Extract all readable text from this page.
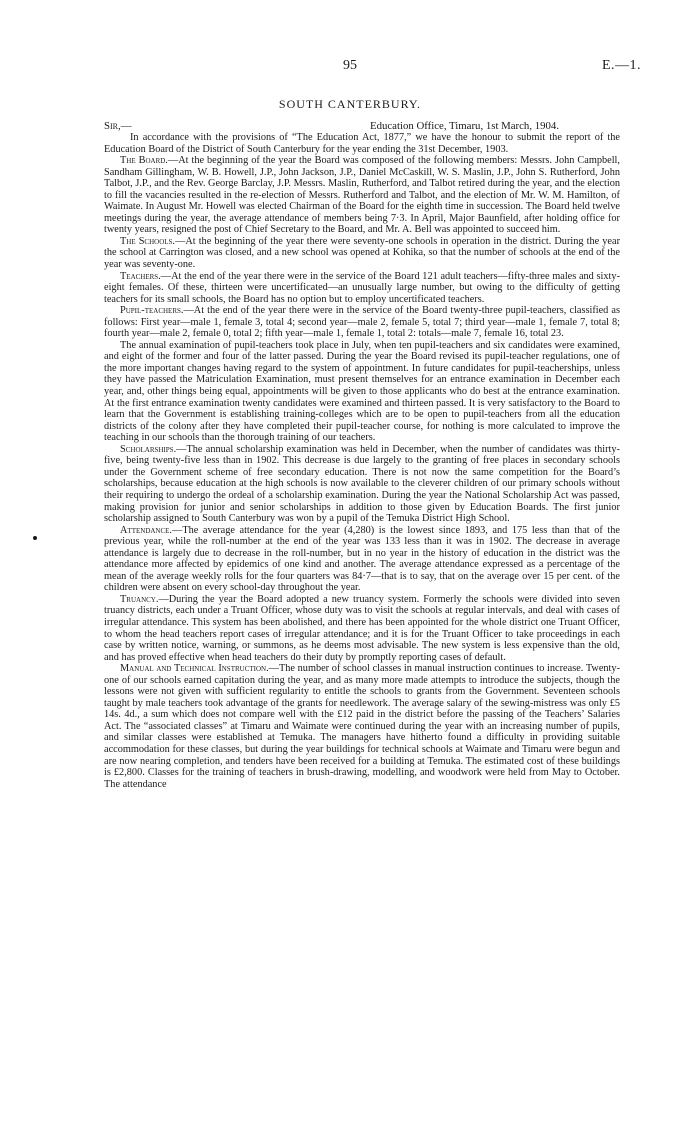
95	E.—1.
SOUTH CANTERBURY.
Sir,—	Education Office, Timaru, 1st March, 1904.

In accordance with the provisions of “The Education Act, 1877,” we have the honour to submit the report of the Education Board of the District of South Canterbury for the year ending the 31st December, 1903.

The Board.—At the beginning of the year the Board was composed of the following members: Messrs. John Campbell, Sandham Gillingham, W. B. Howell, J.P., John Jackson, J.P., Daniel McCaskill, W. S. Maslin, J.P., John S. Rutherford, John Talbot, J.P., and the Rev. George Barclay, J.P. Messrs. Maslin, Rutherford, and Talbot retired during the year, and the election to fill the vacancies resulted in the re-election of Messrs. Rutherford and Talbot, and the election of Mr. W. M. Hamilton, of Waimate. In August Mr. Howell was elected Chairman of the Board for the eighth time in succession. The Board held twelve meetings during the year, the average attendance of members being 7·3. In April, Major Baunfield, after holding office for twenty years, resigned the post of Chief Secretary to the Board, and Mr. A. Bell was appointed to succeed him.

The Schools.—At the beginning of the year there were seventy-one schools in operation in the district. During the year the school at Carrington was closed, and a new school was opened at Kohika, so that the number of schools at the end of the year was seventy-one.

Teachers.—At the end of the year there were in the service of the Board 121 adult teachers—fifty-three males and sixty-eight females. Of these, thirteen were uncertificated—an unusually large number, but owing to the difficulty of getting teachers for its small schools, the Board has no option but to employ uncertificated teachers.

Pupil-teachers.—At the end of the year there were in the service of the Board twenty-three pupil-teachers, classified as follows: First year—male 1, female 3, total 4; second year—male 2, female 5, total 7; third year—male 1, female 7, total 8; fourth year—male 2, female 0, total 2; fifth year—male 1, female 1, total 2: totals—male 7, female 16, total 23.

The annual examination of pupil-teachers took place in July, when ten pupil-teachers and six candidates were examined, and eight of the former and four of the latter passed. During the year the Board revised its pupil-teacher regulations, one of the more important changes having regard to the system of appointment. In future candidates for pupil-teacherships, unless they have passed the Matriculation Examination, must present themselves for an entrance examination in December each year, and, other things being equal, appointments will be given to those applicants who do best at the entrance examination. At the first entrance examination twenty candidates were examined and thirteen passed. It is very satisfactory to the Board to learn that the Government is establishing training-colleges which are to be open to pupil-teachers from all the education districts of the colony after they have completed their pupil-teacher course, for nothing is more calculated to improve the teaching in our schools than the thorough training of our teachers.

Scholarships.—The annual scholarship examination was held in December, when the number of candidates was thirty-five, being twenty-five less than in 1902. This decrease is due largely to the granting of free places in secondary schools under the Government scheme of free secondary education. There is not now the same competition for the Board’s scholarships, because education at the high schools is now available to the cleverer children of our primary schools without their requiring to undergo the ordeal of a scholarship examination. During the year the National Scholarship Act was passed, making provision for junior and senior scholarships in addition to those given by Education Boards. The first junior scholarship assigned to South Canterbury was won by a pupil of the Temuka District High School.

Attendance.—The average attendance for the year (4,280) is the lowest since 1893, and 175 less than that of the previous year, while the roll-number at the end of the year was 133 less than it was in 1902. The decrease in average attendance is largely due to decrease in the roll-number, but in no year in the history of education in the district was the attendance more affected by epidemics of one kind and another. The average attendance expressed as a percentage of the mean of the average weekly rolls for the four quarters was 84·7—that is to say, that on the average over 15 per cent. of the children were absent on every school-day throughout the year.

Truancy.—During the year the Board adopted a new truancy system. Formerly the schools were divided into seven truancy districts, each under a Truant Officer, whose duty was to visit the schools at regular intervals, and deal with cases of irregular attendance. This system has been abolished, and there has been appointed for the whole district one Truant Officer, to whom the head teachers report cases of irregular attendance; and it is for the Truant Officer to take proceedings in each case by written notice, warning, or summons, as he deems most advisable. The new system is less expensive than the old, and has proved effective when head teachers do their duty by promptly reporting cases of default.

Manual and Technical Instruction.—The number of school classes in manual instruction continues to increase. Twenty-one of our schools earned capitation during the year, and as many more made attempts to introduce the subjects, though the lessons were not given with sufficient regularity to entitle the schools to grants from the Government. Seventeen schools taught by male teachers took advantage of the grants for needlework. The average salary of the sewing-mistress was only £5 14s. 4d., a sum which does not compare well with the £12 paid in the district before the passing of the Teachers’ Salaries Act. The “associated classes” at Timaru and Waimate were continued during the year with an increasing number of pupils, and similar classes were established at Temuka. The managers have hitherto found a difficulty in providing suitable accommodation for these classes, but during the year buildings for technical schools at Waimate and Timaru were begun and are now nearing completion, and tenders have been received for a building at Temuka. The estimated cost of these buildings is £2,800. Classes for the training of teachers in brush-drawing, modelling, and woodwork were held from May to October. The attendance
